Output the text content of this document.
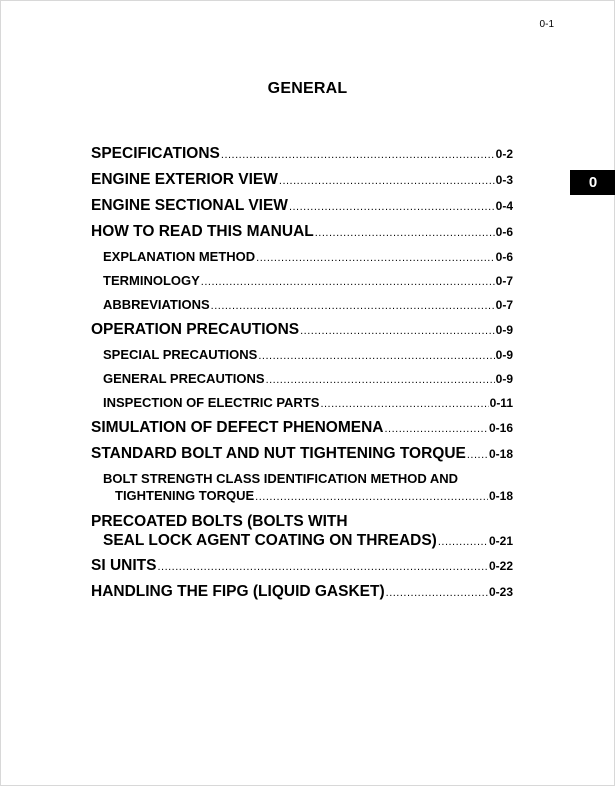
0-1
GENERAL
0
SPECIFICATIONS .....	0-2
ENGINE EXTERIOR VIEW .....	0-3
ENGINE SECTIONAL VIEW .....	0-4
HOW TO READ THIS MANUAL .....	0-6
EXPLANATION METHOD .....	0-6
TERMINOLOGY .....	0-7
ABBREVIATIONS .....	0-7
OPERATION PRECAUTIONS .....	0-9
SPECIAL PRECAUTIONS .....	0-9
GENERAL PRECAUTIONS .....	0-9
INSPECTION OF ELECTRIC PARTS .....	0-11
SIMULATION OF DEFECT PHENOMENA .....	0-16
STANDARD BOLT AND NUT TIGHTENING TORQUE ..... 0-18
BOLT STRENGTH CLASS IDENTIFICATION METHOD AND
TIGHTENING TORQUE .....	0-18
PRECOATED BOLTS (BOLTS WITH
SEAL LOCK AGENT COATING ON THREADS) .....	0-21
SI UNITS .....	0-22
HANDLING THE FIPG (LIQUID GASKET) .....	0-23
